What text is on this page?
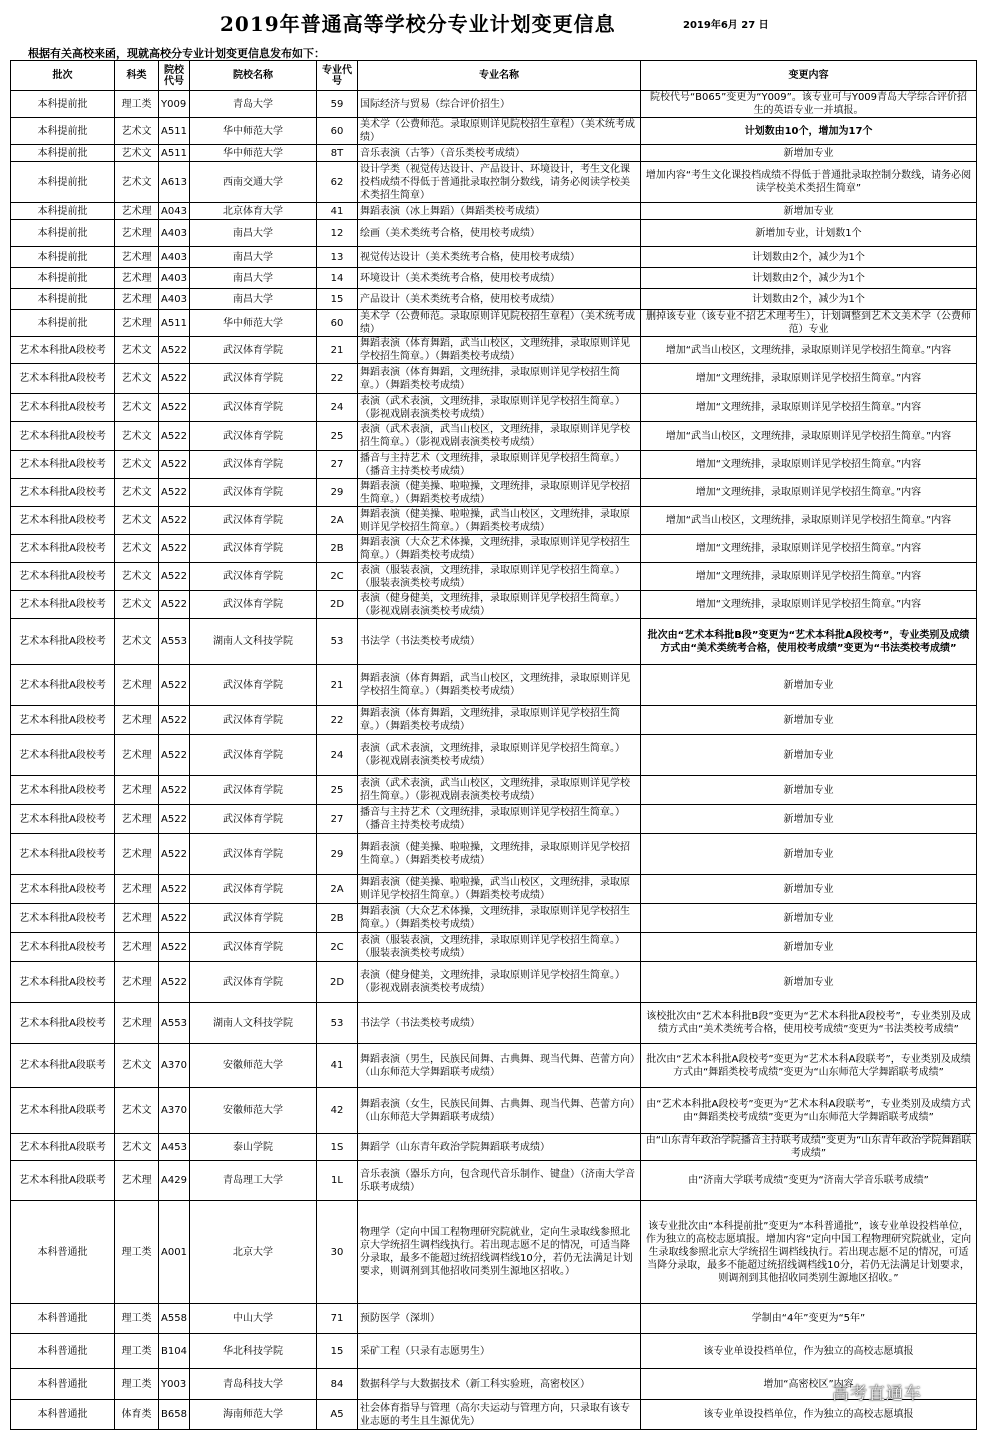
2019年普通高等学校分专业计划变更信息	2019年6月 27 日
根据有关高校来函，现就高校分专业计划变更信息发布如下：
批次	科类	院校代号	院校名称	专业代号	专业名称	变更内容
本科提前批	理工类	Y009	青岛大学	59	国际经济与贸易（综合评价招生）	院校代号“B065”变更为“Y009”。该专业可与Y009青岛大学综合评价招生的英语专业一并填报。
本科提前批	艺术文	A511	华中师范大学	60	美术学（公费师范。录取原则详见院校招生章程）（美术统考成绩）	计划数由10个，增加为17个
本科提前批	艺术文	A511	华中师范大学	8T	音乐表演（古筝）（音乐类校考成绩）	新增加专业
本科提前批	艺术文	A613	西南交通大学	62	设计学类（视觉传达设计、产品设计、环境设计，考生文化课投档成绩不得低于普通批录取控制分数线，请务必阅读学校美术类招生简章）	增加内容“考生文化课投档成绩不得低于普通批录取控制分数线，请务必阅读学校美术类招生简章”
本科提前批	艺术理	A043	北京体育大学	41	舞蹈表演（冰上舞蹈）（舞蹈类校考成绩）	新增加专业
本科提前批	艺术理	A403	南昌大学	12	绘画（美术类统考合格，使用校考成绩）	新增加专业，计划数1个
本科提前批	艺术理	A403	南昌大学	13	视觉传达设计（美术类统考合格，使用校考成绩）	计划数由2个，减少为1个
本科提前批	艺术理	A403	南昌大学	14	环境设计（美术类统考合格，使用校考成绩）	计划数由2个，减少为1个
本科提前批	艺术理	A403	南昌大学	15	产品设计（美术类统考合格，使用校考成绩）	计划数由2个，减少为1个
本科提前批	艺术理	A511	华中师范大学	60	美术学（公费师范。录取原则详见院校招生章程）（美术统考成绩）	删掉该专业（该专业不招艺术理考生），计划调整到艺术文美术学（公费师范）专业
艺术本科批A段校考	艺术文	A522	武汉体育学院	21	舞蹈表演（体育舞蹈，武当山校区，文理统排，录取原则详见学校招生简章。）（舞蹈类校考成绩）	增加“武当山校区，文理统排，录取原则详见学校招生简章。”内容
艺术本科批A段校考	艺术文	A522	武汉体育学院	22	舞蹈表演（体育舞蹈，文理统排，录取原则详见学校招生简章。）（舞蹈类校考成绩）	增加“文理统排，录取原则详见学校招生简章。”内容
艺术本科批A段校考	艺术文	A522	武汉体育学院	24	表演（武术表演，文理统排，录取原则详见学校招生简章。）（影视戏剧表演类校考成绩）	增加“文理统排，录取原则详见学校招生简章。”内容
艺术本科批A段校考	艺术文	A522	武汉体育学院	25	表演（武术表演，武当山校区，文理统排，录取原则详见学校招生简章。）（影视戏剧表演类校考成绩）	增加“武当山校区，文理统排，录取原则详见学校招生简章。”内容
艺术本科批A段校考	艺术文	A522	武汉体育学院	27	播音与主持艺术（文理统排，录取原则详见学校招生简章。）（播音主持类校考成绩）	增加“文理统排，录取原则详见学校招生简章。”内容
艺术本科批A段校考	艺术文	A522	武汉体育学院	29	舞蹈表演（健美操、啦啦操，文理统排，录取原则详见学校招生简章。）（舞蹈类校考成绩）	增加“文理统排，录取原则详见学校招生简章。”内容
艺术本科批A段校考	艺术文	A522	武汉体育学院	2A	舞蹈表演（健美操、啦啦操，武当山校区，文理统排，录取原则详见学校招生简章。）（舞蹈类校考成绩）	增加“武当山校区，文理统排，录取原则详见学校招生简章。”内容
艺术本科批A段校考	艺术文	A522	武汉体育学院	2B	舞蹈表演（大众艺术体操，文理统排，录取原则详见学校招生简章。）（舞蹈类校考成绩）	增加“文理统排，录取原则详见学校招生简章。”内容
艺术本科批A段校考	艺术文	A522	武汉体育学院	2C	表演（服装表演，文理统排，录取原则详见学校招生简章。）（服装表演类校考成绩）	增加“文理统排，录取原则详见学校招生简章。”内容
艺术本科批A段校考	艺术文	A522	武汉体育学院	2D	表演（健身健美，文理统排，录取原则详见学校招生简章。）（影视戏剧表演类校考成绩）	增加“文理统排，录取原则详见学校招生简章。”内容
艺术本科批A段校考	艺术文	A553	湖南人文科技学院	53	书法学（书法类校考成绩）	批次由“艺术本科批B段”变更为“艺术本科批A段校考”，专业类别及成绩方式由“美术类统考合格，使用校考成绩”变更为“书法类校考成绩”
艺术本科批A段校考	艺术理	A522	武汉体育学院	21	舞蹈表演（体育舞蹈，武当山校区，文理统排，录取原则详见学校招生简章。）（舞蹈类校考成绩）	新增加专业
艺术本科批A段校考	艺术理	A522	武汉体育学院	22	舞蹈表演（体育舞蹈，文理统排，录取原则详见学校招生简章。）（舞蹈类校考成绩）	新增加专业
艺术本科批A段校考	艺术理	A522	武汉体育学院	24	表演（武术表演，文理统排，录取原则详见学校招生简章。）（影视戏剧表演类校考成绩）	新增加专业
艺术本科批A段校考	艺术理	A522	武汉体育学院	25	表演（武术表演，武当山校区，文理统排，录取原则详见学校招生简章。）（影视戏剧表演类校考成绩）	新增加专业
艺术本科批A段校考	艺术理	A522	武汉体育学院	27	播音与主持艺术（文理统排，录取原则详见学校招生简章。）（播音主持类校考成绩）	新增加专业
艺术本科批A段校考	艺术理	A522	武汉体育学院	29	舞蹈表演（健美操、啦啦操，文理统排，录取原则详见学校招生简章。）（舞蹈类校考成绩）	新增加专业
艺术本科批A段校考	艺术理	A522	武汉体育学院	2A	舞蹈表演（健美操、啦啦操，武当山校区，文理统排，录取原则详见学校招生简章。）（舞蹈类校考成绩）	新增加专业
艺术本科批A段校考	艺术理	A522	武汉体育学院	2B	舞蹈表演（大众艺术体操，文理统排，录取原则详见学校招生简章。）（舞蹈类校考成绩）	新增加专业
艺术本科批A段校考	艺术理	A522	武汉体育学院	2C	表演（服装表演，文理统排，录取原则详见学校招生简章。）（服装表演类校考成绩）	新增加专业
艺术本科批A段校考	艺术理	A522	武汉体育学院	2D	表演（健身健美，文理统排，录取原则详见学校招生简章。）（影视戏剧表演类校考成绩）	新增加专业
艺术本科批A段校考	艺术理	A553	湖南人文科技学院	53	书法学（书法类校考成绩）	该校批次由“艺术本科批B段”变更为“艺术本科批A段校考”，专业类别及成绩方式由“美术类统考合格，使用校考成绩”变更为“书法类校考成绩”
艺术本科批A段联考	艺术文	A370	安徽师范大学	41	舞蹈表演（男生，民族民间舞、古典舞、现当代舞、芭蕾方向）（山东师范大学舞蹈联考成绩）	批次由“艺术本科批A段校考”变更为“艺术本科A段联考”，专业类别及成绩方式由“舞蹈类校考成绩”变更为“山东师范大学舞蹈联考成绩”
艺术本科批A段联考	艺术文	A370	安徽师范大学	42	舞蹈表演（女生，民族民间舞、古典舞、现当代舞、芭蕾方向）（山东师范大学舞蹈联考成绩）	由“艺术本科批A段校考”变更为“艺术本科A段联考”，专业类别及成绩方式由“舞蹈类校考成绩”变更为“山东师范大学舞蹈联考成绩”
艺术本科批A段联考	艺术文	A453	泰山学院	1S	舞蹈学（山东青年政治学院舞蹈联考成绩）	由“山东青年政治学院播音主持联考成绩”变更为“山东青年政治学院舞蹈联考成绩”
艺术本科批A段联考	艺术理	A429	青岛理工大学	1L	音乐表演（器乐方向，包含现代音乐制作、键盘）（济南大学音乐联考成绩）	由“济南大学联考成绩”变更为“济南大学音乐联考成绩”
本科普通批	理工类	A001	北京大学	30	物理学（定向中国工程物理研究院就业，定向生录取线参照北京大学统招生调档线执行。若出现志愿不足的情况，可适当降分录取，最多不能超过统招线调档线10分，若仍无法满足计划要求，则调剂到其他招收同类别生源地区招收。）	该专业批次由“本科提前批”变更为“本科普通批”，该专业单设投档单位，作为独立的高校志愿填报。增加内容“定向中国工程物理研究院就业，定向生录取线参照北京大学统招生调档线执行。若出现志愿不足的情况，可适当降分录取，最多不能超过统招线调档线10分，若仍无法满足计划要求，则调剂到其他招收同类别生源地区招收。”
本科普通批	理工类	A558	中山大学	71	预防医学（深圳）	学制由“4年”变更为“5年”
本科普通批	理工类	B104	华北科技学院	15	采矿工程（只录有志愿男生）	该专业单设投档单位，作为独立的高校志愿填报
本科普通批	理工类	Y003	青岛科技大学	84	数据科学与大数据技术（新工科实验班，高密校区）	增加“高密校区”内容
本科普通批	体育类	B658	海南师范大学	A5	社会体育指导与管理（高尔夫运动与管理方向，只录取有该专业志愿的考生且生源优先）	该专业单设投档单位，作为独立的高校志愿填报
高考直通车
